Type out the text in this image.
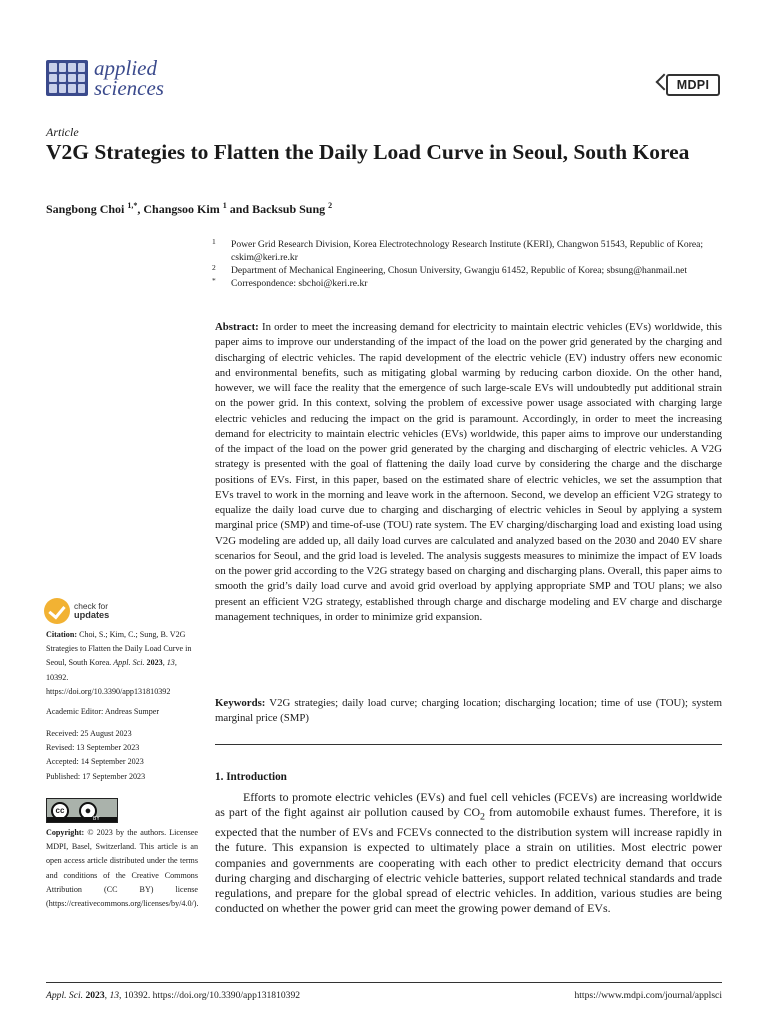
applied
sciences	MDPI
Article
V2G Strategies to Flatten the Daily Load Curve in Seoul, South Korea
Sangbong Choi $^{1,*}$, Changsoo Kim $^1$ and Backsub Sung $^2$
1 Power Grid Research Division, Korea Electrotechnology Research Institute (KERI), Changwon 51543, Republic of Korea; cskim@keri.re.kr
2 Department of Mechanical Engineering, Chosun University, Gwangju 61452, Republic of Korea; sbsung@hanmail.net
* Correspondence: sbchoi@keri.re.kr

Abstract: In order to meet the increasing demand for electricity to maintain electric vehicles (EVs) worldwide, this paper aims to improve our understanding of the impact of the load on the power grid generated by the charging and discharging of electric vehicles. The rapid development of the electric vehicle (EV) industry offers new economic and environmental benefits, such as mitigating global warming by reducing carbon dioxide. On the other hand, however, we will face the reality that the emergence of such large-scale EVs will undoubtedly put additional strain on the power grid. In this context, solving the problem of excessive power usage associated with charging large electric vehicles and reducing the impact on the grid is paramount. Accordingly, in order to meet the increasing demand for electricity to maintain electric vehicles (EVs) worldwide, this paper aims to improve our understanding of the impact of the load on the power grid generated by the charging and discharging of electric vehicles. A V2G strategy is presented with the goal of flattening the daily load curve by considering the charge and the discharge positions of EVs. First, in this paper, based on the estimated share of electric vehicles, we set the assumption that EVs travel to work in the morning and leave work in the afternoon. Second, we develop an efficient V2G strategy to equalize the daily load curve due to charging and discharging of electric vehicles in Seoul by applying a system marginal price (SMP) and time-of-use (TOU) rate system. The EV charging/discharging load and existing load using V2G modeling are added up, all daily load curves are calculated and analyzed based on the 2030 and 2040 EV share scenarios for Seoul, and the grid load is leveled. The analysis suggests measures to minimize the impact of EV loads on the power grid according to the V2G strategy based on charging and discharging plans. Overall, this paper aims to smooth the grid’s daily load curve and avoid grid overload by applying appropriate SMP and TOU plans; we also present an efficient V2G strategy, established through charge and discharge modeling and EV charge and discharge management techniques, in order to minimize grid expansion.

Keywords: V2G strategies; daily load curve; charging location; discharging location; time of use (TOU); system marginal price (SMP)

1. Introduction

Efforts to promote electric vehicles (EVs) and fuel cell vehicles (FCEVs) are increasing worldwide as part of the fight against air pollution caused by $CO_2$ from automobile exhaust fumes. Therefore, it is expected that the number of EVs and FCEVs connected to the distribution system will increase rapidly in the future. This expansion is expected to ultimately place a strain on utilities. Most electric power companies and governments are cooperating with each other to predict electricity demand that occurs during charging and discharging of electric vehicle batteries, support related technical standards and trade regulations, and prepare for the global spread of electric vehicles. In addition, various studies are being conducted on whether the power grid can meet the growing power demand of EVs.

check for
updates
Citation: Choi, S.; Kim, C.; Sung, B. V2G Strategies to Flatten the Daily Load Curve in Seoul, South Korea. Appl. Sci. 2023, 13, 10392. https://doi.org/10.3390/app131810392
Academic Editor: Andreas Sumper
Received: 25 August 2023
Revised: 13 September 2023
Accepted: 14 September 2023
Published: 17 September 2023
cc	●
BY
Copyright: © 2023 by the authors. Licensee MDPI, Basel, Switzerland. This article is an open access article distributed under the terms and conditions of the Creative Commons Attribution (CC BY) license (https://creativecommons.org/licenses/by/4.0/).
Appl. Sci. 2023, 13, 10392. https://doi.org/10.3390/app131810392	https://www.mdpi.com/journal/applsci
